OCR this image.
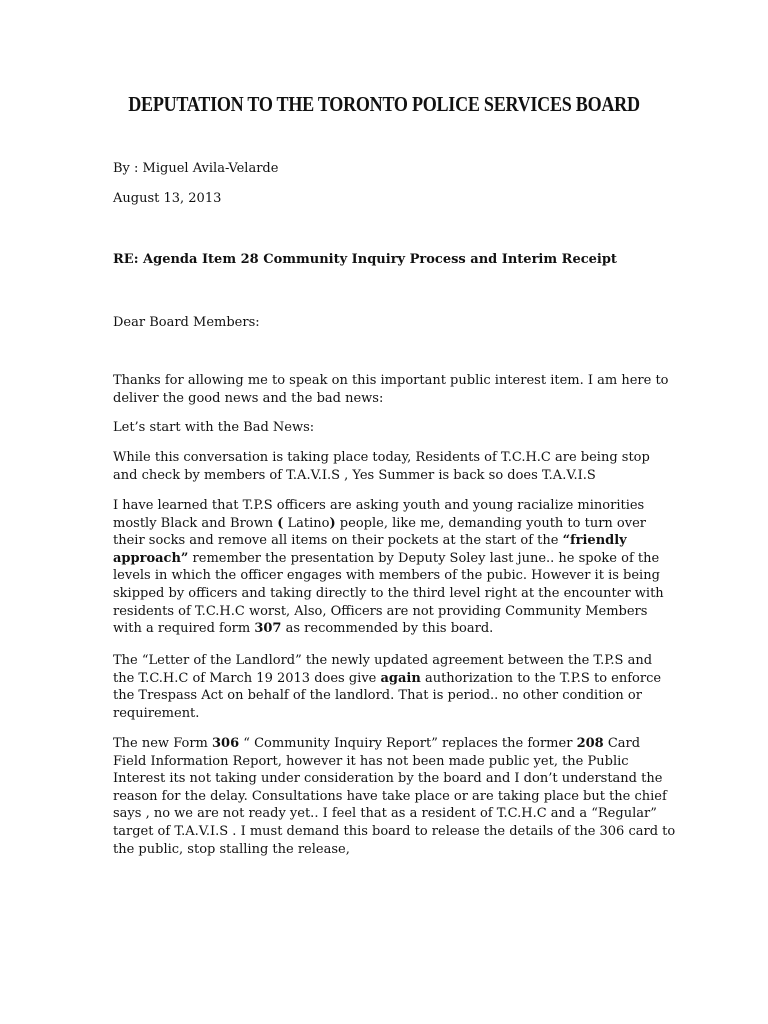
DEPUTATION TO THE TORONTO POLICE SERVICES BOARD

By : Miguel Avila-Velarde

August 13, 2013

RE: Agenda Item 28 Community Inquiry Process and Interim Receipt

Dear Board Members:

Thanks for allowing me to speak on this important public interest item. I am here to
deliver the good news and the bad news:

Let’s start with the Bad News:

While this conversation is taking place today, Residents of T.C.H.C are being stop
and check by members of T.A.V.I.S , Yes Summer is back so does T.A.V.I.S
I have learned that T.P.S officers are asking youth and young racialize minorities
mostly Black and Brown ( Latino) people, like me, demanding youth to turn over
their socks and remove all items on their pockets at the start of the “friendly
approach” remember the presentation by Deputy Soley last june.. he spoke of the
levels in which the officer engages with members of the pubic. However it is being
skipped by officers and taking directly to the third level right at the encounter with
residents of T.C.H.C worst, Also, Officers are not providing Community Members
with a required form 307 as recommended by this board.
The “Letter of the Landlord” the newly updated agreement between the T.P.S and
the T.C.H.C of March 19 2013 does give again authorization to the T.P.S to enforce
the Trespass Act on behalf of the landlord. That is period.. no other condition or
requirement.
The new Form 306 “ Community Inquiry Report” replaces the former 208 Card
Field Information Report, however it has not been made public yet, the Public
Interest its not taking under consideration by the board and I don’t understand the
reason for the delay. Consultations have take place or are taking place but the chief
says , no we are not ready yet.. I feel that as a resident of T.C.H.C and a “Regular”
target of T.A.V.I.S . I must demand this board to release the details of the 306 card to
the public, stop stalling the release,
